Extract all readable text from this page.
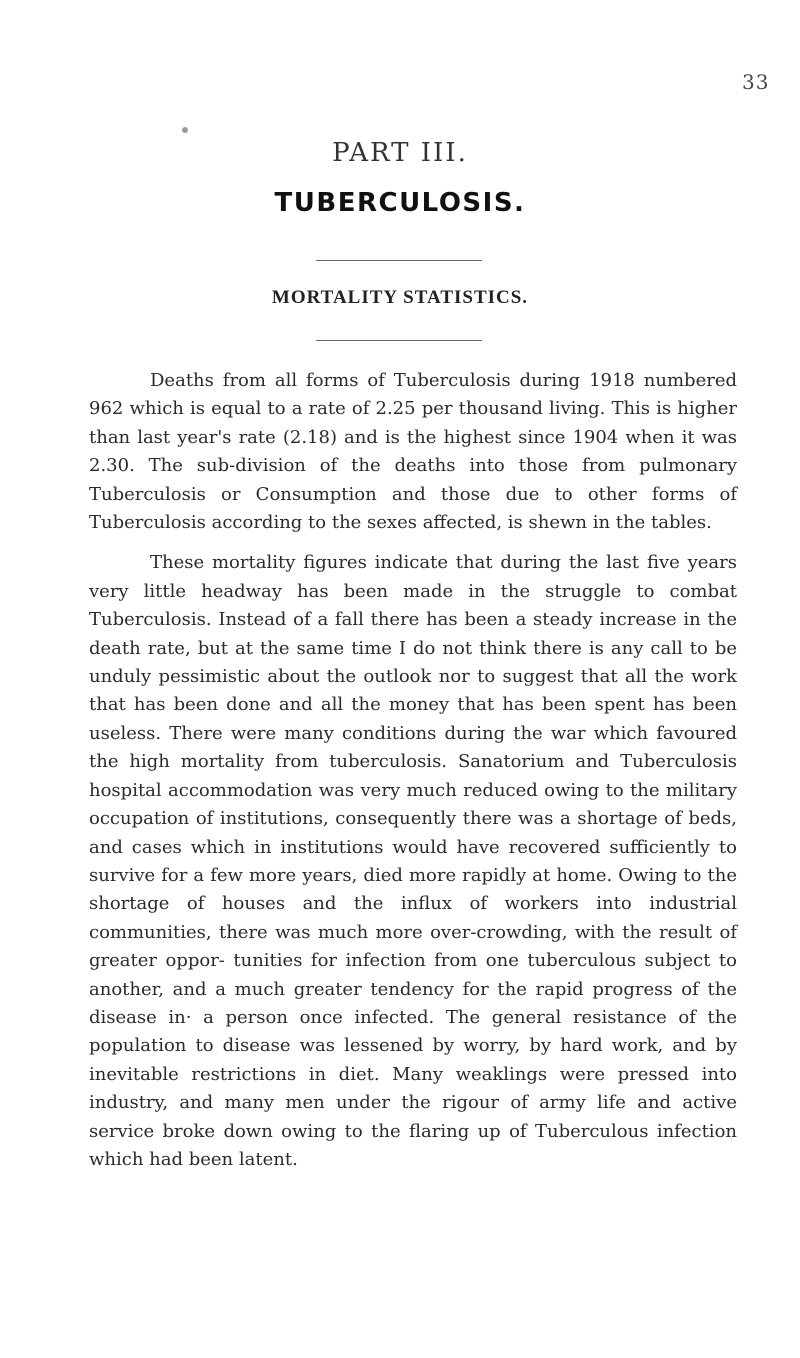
33
PART III.
TUBERCULOSIS.
MORTALITY STATISTICS.

Deaths from all forms of Tuberculosis during 1918 numbered 962 which is equal to a rate of 2.25 per thousand living. This is higher than last year's rate (2.18) and is the highest since 1904 when it was 2.30. The sub-division of the deaths into those from pulmonary Tuberculosis or Consumption and those due to other forms of Tuberculosis according to the sexes affected, is shewn in the tables.

These mortality figures indicate that during the last five years very little headway has been made in the struggle to combat Tuberculosis. Instead of a fall there has been a steady increase in the death rate, but at the same time I do not think there is any call to be unduly pessimistic about the outlook nor to suggest that all the work that has been done and all the money that has been spent has been useless. There were many conditions during the war which favoured the high mortality from tuberculosis. Sanatorium and Tuberculosis hospital accommodation was very much reduced owing to the military occupation of institutions, consequently there was a shortage of beds, and cases which in institutions would have recovered sufficiently to survive for a few more years, died more rapidly at home. Owing to the shortage of houses and the influx of workers into industrial communities, there was much more over-crowding, with the result of greater oppor- tunities for infection from one tuberculous subject to another, and a much greater tendency for the rapid progress of the disease in· a person once infected. The general resistance of the population to disease was lessened by worry, by hard work, and by inevitable restrictions in diet. Many weaklings were pressed into industry, and many men under the rigour of army life and active service broke down owing to the flaring up of Tuberculous infection which had been latent.
